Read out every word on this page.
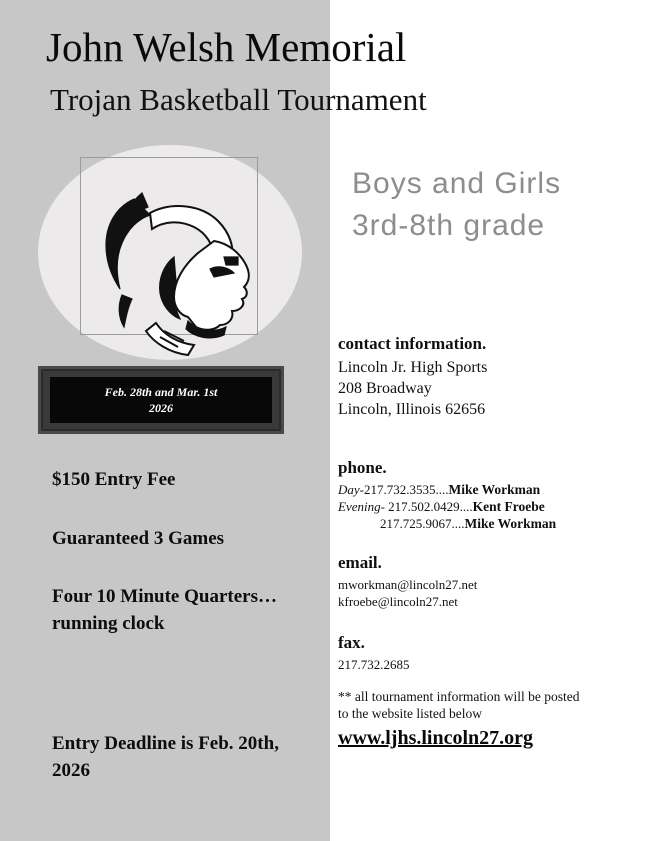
John Welsh Memorial
Trojan Basketball Tournament
Feb. 28th and Mar. 1st
2026
$150 Entry Fee
Guaranteed 3 Games
Four 10 Minute Quarters…running clock
Entry Deadline is Feb. 20th, 2026
Boys and Girls
3rd-8th grade
contact information.
Lincoln Jr. High Sports
208 Broadway
Lincoln, Illinois 62656
phone.
Day-217.732.3535....Mike Workman
Evening- 217.502.0429....Kent Froebe
217.725.9067....Mike Workman
email.
mworkman@lincoln27.net
kfroebe@lincoln27.net
fax.
217.732.2685
** all tournament information will be posted
to the website listed below
www.ljhs.lincoln27.org
